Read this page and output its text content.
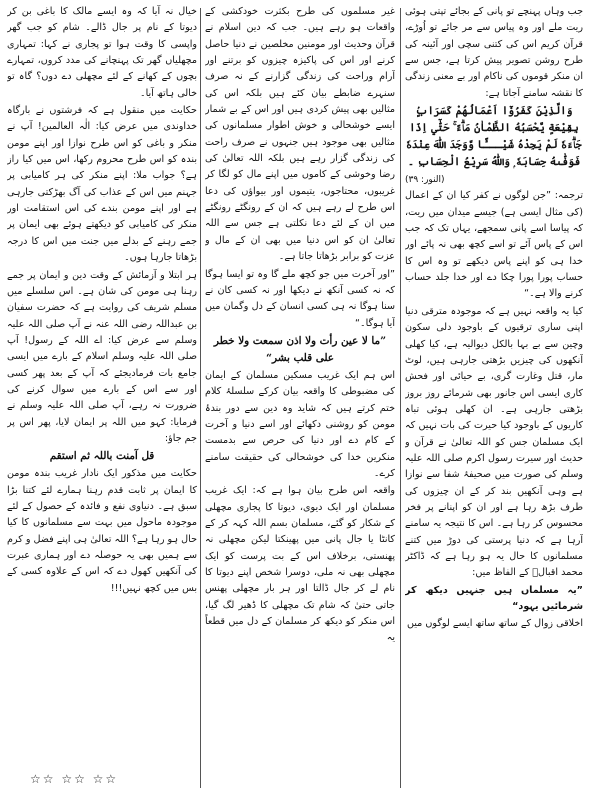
جب وہاں پہنچے تو پانی کے بجائے تپتی ہوئی ریت ملے اور وہ پیاس سے مر جائے تو اُوڑے، قرآن کریم اس کی کتنی سچی اور آئینہ کی طرح روشن تصویر پیش کرتا ہے، جس سے ان منکر قوموں کی ناکام اور بے معنی زندگی کا نقشہ سامنے آجاتا ہے:

وَالَّذِيْنَ كَفَرُوْٓا اَعْمَالُهُمْ كَسَرَابٍۢ بِقِيْعَةٍ يَّحْسَبُهُ الظَّمْاٰنُ مَاۗءً ۚ حَتّٰٓي اِذَا جَاۗءَهٗ لَمْ يَجِدْهُ شَيْـــًٔا وَّوَجَدَ اللّٰهَ عِنْدَهٗ فَوَفّٰىهُ حِسَابَهٗ ۭ وَاللّٰهُ سَرِيْعُ الْحِسَابِ ۔

(النور: ٣٩)

ترجمہ: ”جن لوگوں نے کفر کیا ان کے اعمال (کی مثال ایسی ہے) جیسے میدان میں ریت، کہ پیاسا اسے پانی سمجھے، یہاں تک کہ جب اس کے پاس آئے تو اسے کچھ بھی نہ پائے اور خدا ہی کو اپنے پاس دیکھے تو وہ اس کا حساب پورا پورا چکا دے اور خدا جلد حساب کرنے والا ہے۔“

کیا یہ واقعہ نہیں ہے کہ موجودہ مترقی دنیا اپنی ساری ترقیوں کے باوجود دلی سکون وچین سے بے بہا بالکل دیوالیہ ہے، کیا کھلی آنکھوں کی چیزیں بڑھتی جارہی ہیں، لوٹ مار، قتل وغارت گری، بے حیائی اور فحش کاری ایسی اس جانور بھی شرمائے روز بروز بڑھتی جارہی ہے۔ ان کھلی ہوئی تباہ کاریوں کے باوجود کیا حیرت کی بات نہیں کہ ایک مسلمان جس کو اللہ تعالیٰ نے قرآن و حدیث اور سیرت رسول اکرم صلی اللہ علیہ وسلم کی صورت میں صحیفۂ شفا سے نوازا ہے وہی آنکھیں بند کر کے ان چیزوں کی طرف بڑھ رہا ہے اور ان کو اپنانے پر فخر محسوس کر رہا ہے۔ اس کا نتیجہ یہ سامنے آرہا ہے کہ دنیا پرستی کی دوڑ میں کتنے مسلمانوں کا حال یہ ہو رہا ہے کہ ڈاکٹر محمد اقبالؒ کے الفاظ میں:

”یہ مسلماں ہیں جنہیں دیکھ کر شرمائیں یہود“

اخلاقی زوال کے ساتھ ساتھ ایسے لوگوں میں

غیر مسلموں کی طرح بکثرت خودکشی کے واقعات ہو رہے ہیں۔ جب کہ دین اسلام نے قرآن وحدیث اور مومنین مخلصین نے دنیا حاصل کرنے اور اس کی پاکیزہ چیزوں کو برتنے اور آرام وراحت کی زندگی گزارنے کے نہ صرف سنہرے ضابطے بیان کئے ہیں بلکہ اس کی مثالیں بھی پیش کردی ہیں اور اس کے بے شمار ایسے خوشحالی و خوش اطوار مسلمانوں کی مثالیں بھی موجود ہیں جنہوں نے صرف راحت کی زندگی گزار رہے ہیں بلکہ اللہ تعالیٰ کی رضا وخوشی کے کاموں میں اپنے مال کو لگا کر غریبوں، محتاجوں، یتیموں اور بیواؤں کی دعا اس طرح لے رہے ہیں کہ ان کے رونگٹے رونگٹے میں ان کے لئے دعا نکلتی ہے جس سے اللہ تعالیٰ ان کو اس دنیا میں بھی ان کے مال و عزت کو برابر بڑھاتا جاتا ہے۔

”اور آخرت میں جو کچھ ملے گا وہ تو ایسا ہوگا کہ نہ کسی آنکھ نے دیکھا اور نہ کسی کان نے سنا ہوگا نہ ہی کسی انسان کے دل وگمان میں آیا ہوگا۔“

”ما لا عين رأت ولا اذن سمعت ولا خطر على قلب بشر“

اس ہم ایک غریب مسکین مسلمان کے ایمان کی مضبوطی کا واقعہ بیان کرکے سلسلۂ کلام ختم کرتے ہیں کہ شاید وہ دین سے دور بندۂ مومن کو روشنی دکھائے اور اسے دنیا و آخرت کے کام دے اور دنیا کی حرص سے بدمست منکرین خدا کی خوشحالی کی حقیقت سامنے کرے۔

واقعہ اس طرح بیان ہوا ہے کہ: ایک غریب مسلمان اور ایک دیوی، دیوتا کا پجاری مچھلی کے شکار کو گئے، مسلمان بسم اللہ کہہ کر کے کانٹا یا جال پانی میں پھینکتا لیکن مچھلی نہ پھنستی، برخلاف اس کے بت پرست کو ایک مچھلی بھی نہ ملی، دوسرا شخص اپنے دیوتا کا نام لے کر جال ڈالتا اور ہر بار مچھلی پھنس جاتی حتیٰ کہ شام تک مچھلی کا ڈھیر لگ گیا، اس منکر کو دیکھ کر مسلمان کے دل میں قطعاً یہ

خیال نہ آیا کہ وہ ایسے مالک کا باغی بن کر دیوتا کے نام پر جال ڈالے۔ شام کو جب گھر واپسی کا وقت ہوا تو پجاری نے کہا: تمہاری مچھلیاں گھر تک پہنچانے کی مدد کروں، تمہارے بچوں کے کھانے کے لئے مچھلی دے دوں؟ گاہ تو خالی ہاتھ آیا۔

حکایت میں منقول ہے کہ فرشتوں نے بارگاہ خداوندی میں عرض کیا: الٰہ العالمین! آپ نے منکر و باغی کو اس طرح نوازا اور اپنے مومن بندہ کو اس طرح محروم رکھا، اس میں کیا راز ہے؟ جواب ملا: اپنے منکر کی ہر کامیابی پر جہنم میں اس کے عذاب کی آگ بھڑکتی جارہی ہے اور اپنے مومن بندے کی اس استقامت اور منکر کی کامیابی کو دیکھتے ہوئے بھی ایمان پر جمے رہنے کے بدلے میں جنت میں اس کا درجہ بڑھاتا جارہا ہوں۔

ہر ابتلا و آزمائش کے وقت دین و ایمان پر جمے رہنا ہی مومن کی شان ہے۔ اس سلسلے میں مسلم شریف کی روایت ہے کہ حضرت سفیان بن عبداللہ رضی اللہ عنہ نے آپ صلی اللہ علیہ وسلم سے عرض کیا: اے اللہ کے رسول! آپ صلی اللہ علیہ وسلم اسلام کے بارے میں ایسی جامع بات فرمادیجئے کہ آپ کے بعد پھر کسی اور سے اس کے بارے میں سوال کرنے کی ضرورت نہ رہے، آپ صلی اللہ علیہ وسلم نے فرمایا: کہو میں اللہ پر ایمان لایا، پھر اس پر جم جاؤ:

قل آمنت باللہ ثم استقم

حکایت میں مذکور ایک نادار غریب بندہ مومن کا ایمان پر ثابت قدم رہنا ہمارے لئے کتنا بڑا سبق ہے۔ دنیاوی نفع و فائدہ کے حصول کے لئے موجودہ ماحول میں بہت سے مسلمانوں کا کیا حال ہو رہا ہے؟ اللہ تعالیٰ ہی اپنے فضل و کرم سے ہمیں بھی یہ حوصلہ دے اور ہماری عبرت کی آنکھیں کھول دے کہ اس کے علاوہ کسی کے بس میں کچھ نہیں!!!

☆☆ ☆☆ ☆☆
